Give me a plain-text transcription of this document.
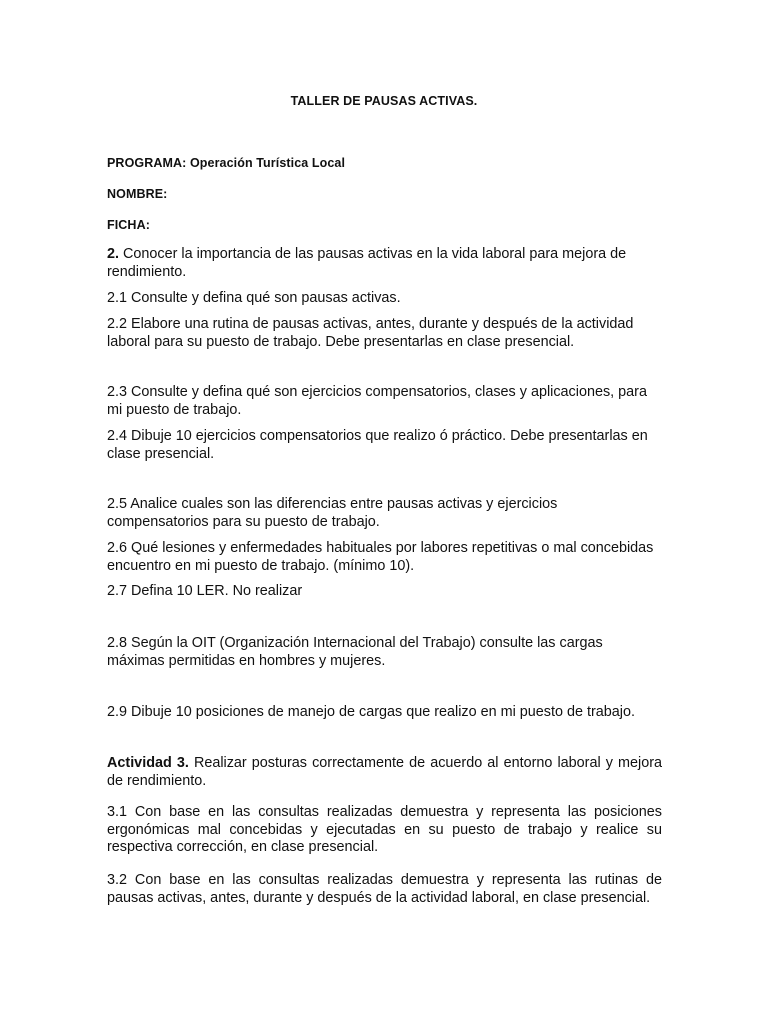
TALLER DE PAUSAS ACTIVAS.
PROGRAMA: Operación Turística Local
NOMBRE:
FICHA:

2. Conocer la importancia de las pausas activas en la vida laboral para mejora de rendimiento.

2.1 Consulte y defina qué son pausas activas.

2.2 Elabore una rutina de pausas activas, antes, durante y después de la actividad laboral para su puesto de trabajo. Debe presentarlas en clase presencial.

2.3 Consulte y defina qué son ejercicios compensatorios, clases y aplicaciones, para mi puesto de trabajo.

2.4 Dibuje 10 ejercicios compensatorios que realizo ó práctico. Debe presentarlas en clase presencial.

2.5 Analice cuales son las diferencias entre pausas activas y ejercicios compensatorios para su puesto de trabajo.

2.6 Qué lesiones y enfermedades habituales por labores repetitivas o mal concebidas encuentro en mi puesto de trabajo. (mínimo 10).

2.7 Defina 10 LER. No realizar

2.8 Según la OIT (Organización Internacional del Trabajo) consulte las cargas máximas permitidas en hombres y mujeres.

2.9 Dibuje 10 posiciones de manejo de cargas que realizo en mi puesto de trabajo.

Actividad 3. Realizar posturas correctamente de acuerdo al entorno laboral y mejora de rendimiento.

3.1 Con base en las consultas realizadas demuestra y representa las posiciones ergonómicas mal concebidas y ejecutadas en su puesto de trabajo y realice su respectiva corrección, en clase presencial.

3.2 Con base en las consultas realizadas demuestra y representa las rutinas de pausas activas, antes, durante y después de la actividad laboral, en clase presencial.
